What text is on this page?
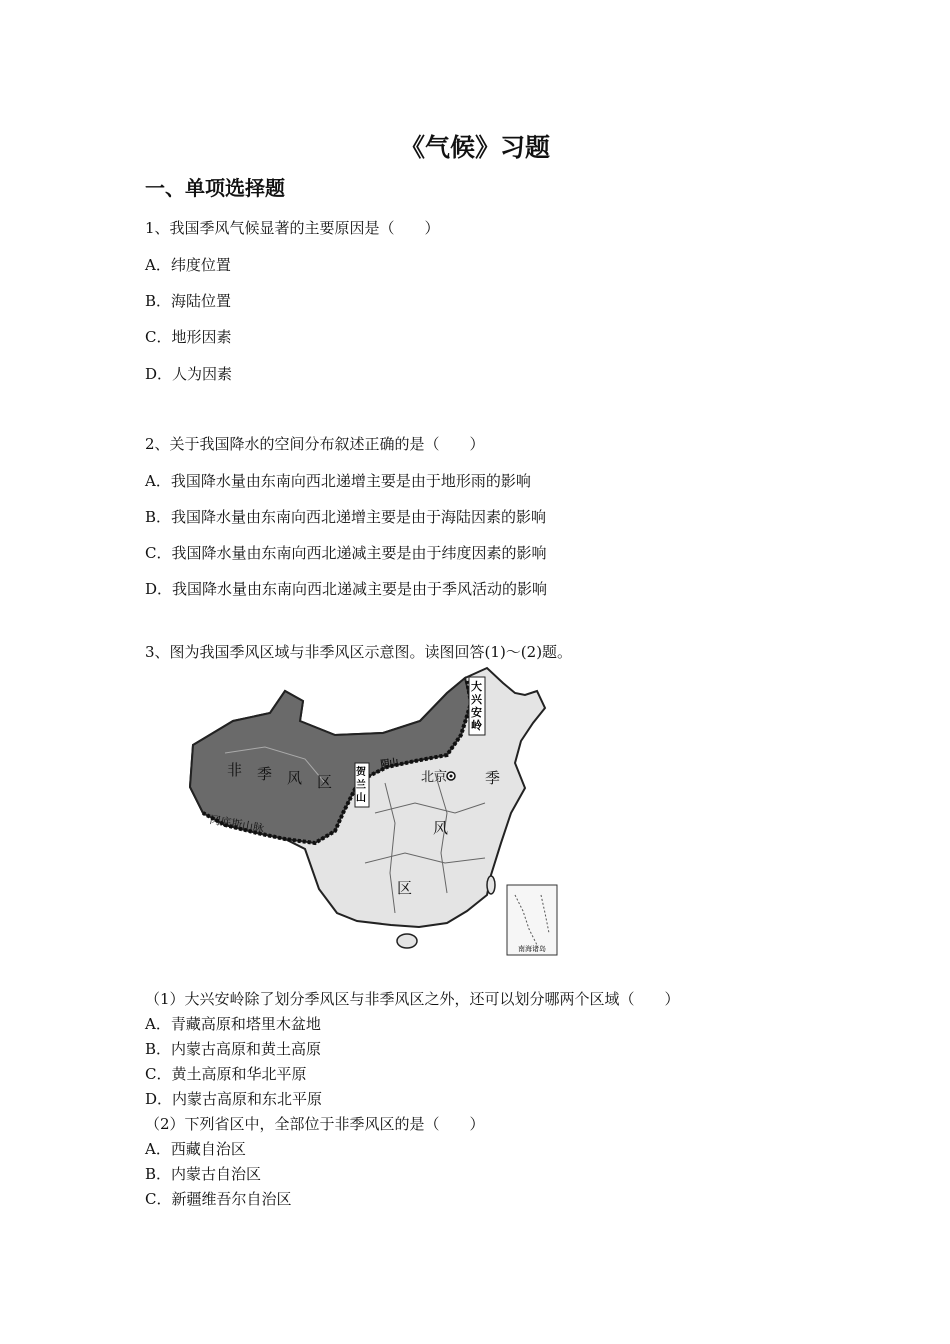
《气候》习题
一、单项选择题
1、我国季风气候显著的主要原因是（　　）
A．纬度位置
B．海陆位置
C．地形因素
D．人为因素
2、关于我国降水的空间分布叙述正确的是（　　）
A．我国降水量由东南向西北递增主要是由于地形雨的影响
B．我国降水量由东南向西北递增主要是由于海陆因素的影响
C．我国降水量由东南向西北递减主要是由于纬度因素的影响
D．我国降水量由东南向西北递减主要是由于季风活动的影响
3、图为我国季风区域与非季风区示意图。读图回答(1)～(2)题。
南海诸岛
非 季 风 区	季
风
区
大
兴
安
岭
贺
兰
山
阴山
冈底斯山脉
北京
（1）大兴安岭除了划分季风区与非季风区之外，还可以划分哪两个区域（　　）
A．青藏高原和塔里木盆地
B．内蒙古高原和黄土高原
C．黄土高原和华北平原
D．内蒙古高原和东北平原
（2）下列省区中，全部位于非季风区的是（　　）
A．西藏自治区
B．内蒙古自治区
C．新疆维吾尔自治区
